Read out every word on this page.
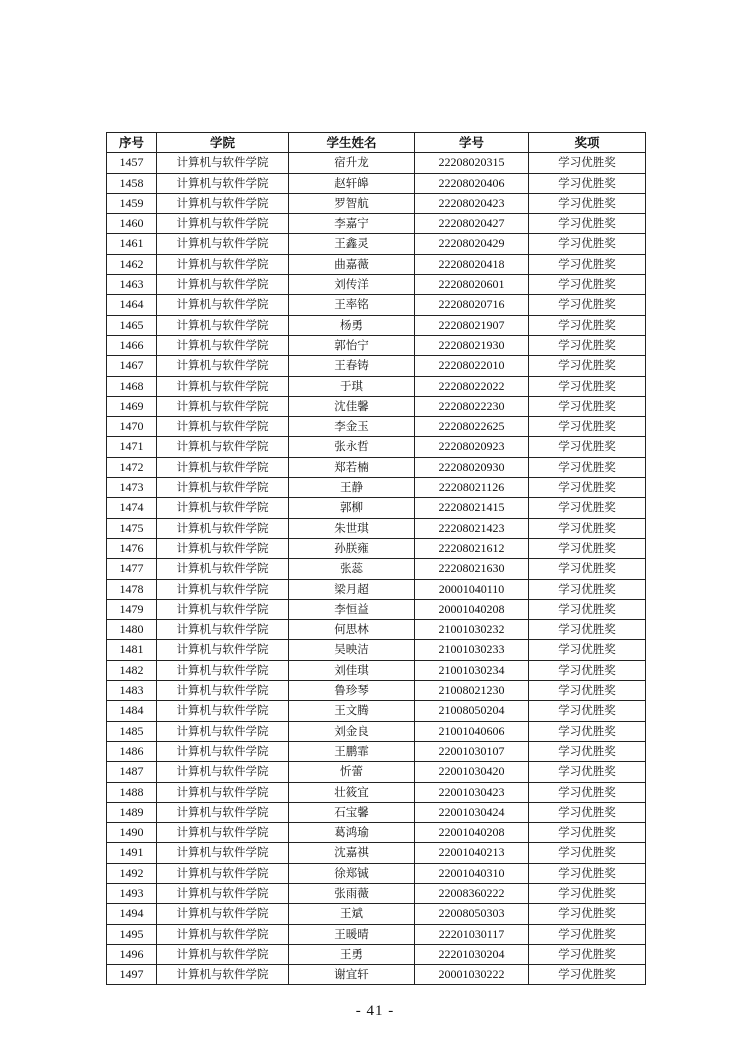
序号	学院	学生姓名	学号	奖项
1457	计算机与软件学院	宿升龙	22208020315	学习优胜奖
1458	计算机与软件学院	赵轩皞	22208020406	学习优胜奖
1459	计算机与软件学院	罗智航	22208020423	学习优胜奖
1460	计算机与软件学院	李嘉宁	22208020427	学习优胜奖
1461	计算机与软件学院	王鑫灵	22208020429	学习优胜奖
1462	计算机与软件学院	曲嘉薇	22208020418	学习优胜奖
1463	计算机与软件学院	刘传洋	22208020601	学习优胜奖
1464	计算机与软件学院	王率铭	22208020716	学习优胜奖
1465	计算机与软件学院	杨勇	22208021907	学习优胜奖
1466	计算机与软件学院	郭怡宁	22208021930	学习优胜奖
1467	计算机与软件学院	王春铸	22208022010	学习优胜奖
1468	计算机与软件学院	于琪	22208022022	学习优胜奖
1469	计算机与软件学院	沈佳馨	22208022230	学习优胜奖
1470	计算机与软件学院	李金玉	22208022625	学习优胜奖
1471	计算机与软件学院	张永哲	22208020923	学习优胜奖
1472	计算机与软件学院	郑若楠	22208020930	学习优胜奖
1473	计算机与软件学院	王静	22208021126	学习优胜奖
1474	计算机与软件学院	郭柳	22208021415	学习优胜奖
1475	计算机与软件学院	朱世琪	22208021423	学习优胜奖
1476	计算机与软件学院	孙朕雍	22208021612	学习优胜奖
1477	计算机与软件学院	张蕊	22208021630	学习优胜奖
1478	计算机与软件学院	梁月超	20001040110	学习优胜奖
1479	计算机与软件学院	李恒益	20001040208	学习优胜奖
1480	计算机与软件学院	何思林	21001030232	学习优胜奖
1481	计算机与软件学院	吴映洁	21001030233	学习优胜奖
1482	计算机与软件学院	刘佳琪	21001030234	学习优胜奖
1483	计算机与软件学院	鲁珍琴	21008021230	学习优胜奖
1484	计算机与软件学院	王文腾	21008050204	学习优胜奖
1485	计算机与软件学院	刘金良	21001040606	学习优胜奖
1486	计算机与软件学院	王鹏霏	22001030107	学习优胜奖
1487	计算机与软件学院	忻蕾	22001030420	学习优胜奖
1488	计算机与软件学院	壮筱宜	22001030423	学习优胜奖
1489	计算机与软件学院	石宝馨	22001030424	学习优胜奖
1490	计算机与软件学院	葛鸿瑜	22001040208	学习优胜奖
1491	计算机与软件学院	沈嘉祺	22001040213	学习优胜奖
1492	计算机与软件学院	徐郑铖	22001040310	学习优胜奖
1493	计算机与软件学院	张雨薇	22008360222	学习优胜奖
1494	计算机与软件学院	王斌	22008050303	学习优胜奖
1495	计算机与软件学院	王暖晴	22201030117	学习优胜奖
1496	计算机与软件学院	王勇	22201030204	学习优胜奖
1497	计算机与软件学院	谢宜轩	20001030222	学习优胜奖
- 41 -
